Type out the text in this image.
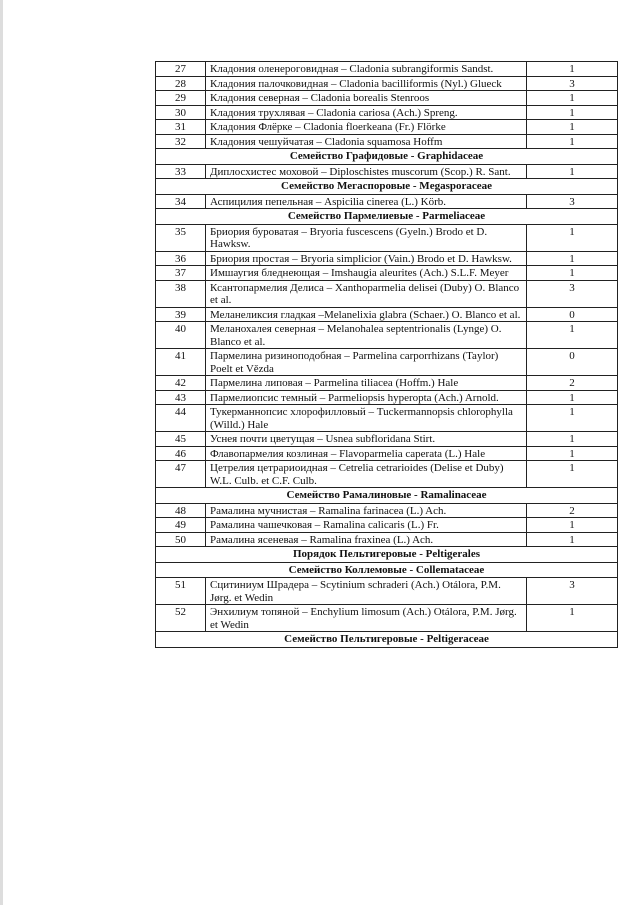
27	Кладония оленерогoвидная – Cladonia subrangiformis Sandst.	1
28	Кладония палочковидная – Cladonia bacilliformis (Nyl.) Glueck	3
29	Кладония северная – Cladonia borealis Stenroos	1
30	Кладония трухлявая – Cladonia cariosa (Ach.) Spreng.	1
31	Кладония Флёрке – Cladonia floerkeana (Fr.) Flörke	1
32	Кладония чешуйчатая – Cladonia squamosa Hoffm	1
Семейство Графидовые - Graphidaceae		
33	Диплосхистес моховой – Diploschistes muscorum (Scop.) R. Sant.	1
Семейство Мегаспоровые - Megasporaceae		
34	Аспицилия пепельная – Aspicilia cinerea (L.) Körb.	3
Семейство Пармелиевые - Parmeliaceae		
35	Бриория буроватая – Bryoria fuscescens (Gyeln.) Brodo et D. Hawksw.	1
36	Бриория простая – Bryoria simplicior (Vain.) Brodo et D. Hawksw.	1
37	Имшаугия бледнеющая – Imshaugia aleurites (Ach.) S.L.F. Meyer	1
38	Ксантопармелия Делиса – Xanthoparmelia delisei (Duby) O. Blanco et al.	3
39	Меланеликсия гладкая –Melanelixia glabra (Schaer.) O. Blanco et al.	0
40	Меланохалея северная – Melanohalea septentrionalis (Lynge) O. Blanco et al.	1
41	Пармелина ризиноподобная – Parmelina carporrhizans (Taylor) Poelt et Vězda	0
42	Пармелина липовая – Parmelina tiliacea (Hoffm.) Hale	2
43	Пармелиопсис темный – Parmeliopsis hyperopta (Ach.) Arnold.	1
44	Тукерманнопсис хлорофилловый – Tuckermannopsis chlorophylla (Willd.) Hale	1
45	Уснея почти цветущая – Usnea subfloridana Stirt.	1
46	Флавопармелия козлиная – Flavoparmelia caperata (L.) Hale	1
47	Цетрелия цетрариоидная – Cetrelia cetrarioides (Delise et Duby) W.L. Culb. et C.F. Culb.	1
Семейство Рамалиновые - Ramalinaceae		
48	Рамалина мучнистая – Ramalina farinacea (L.) Ach.	2
49	Рамалина чашечковая – Ramalina calicaris (L.) Fr.	1
50	Рамалина ясеневая – Ramalina fraxinea (L.) Ach.	1
Порядок Пельтигеровые - Peltigerales		
Семейство Коллемовые - Collemataceae		
51	Сцитиниум Шрадера – Scytinium schraderi (Ach.) Otálora, P.M. Jørg. et Wedin	3
52	Энхилиум топяной – Enchylium limosum (Ach.) Otálora, P.M. Jørg. et Wedin	1
Семейство Пельтигеровые - Peltigeraceae		
